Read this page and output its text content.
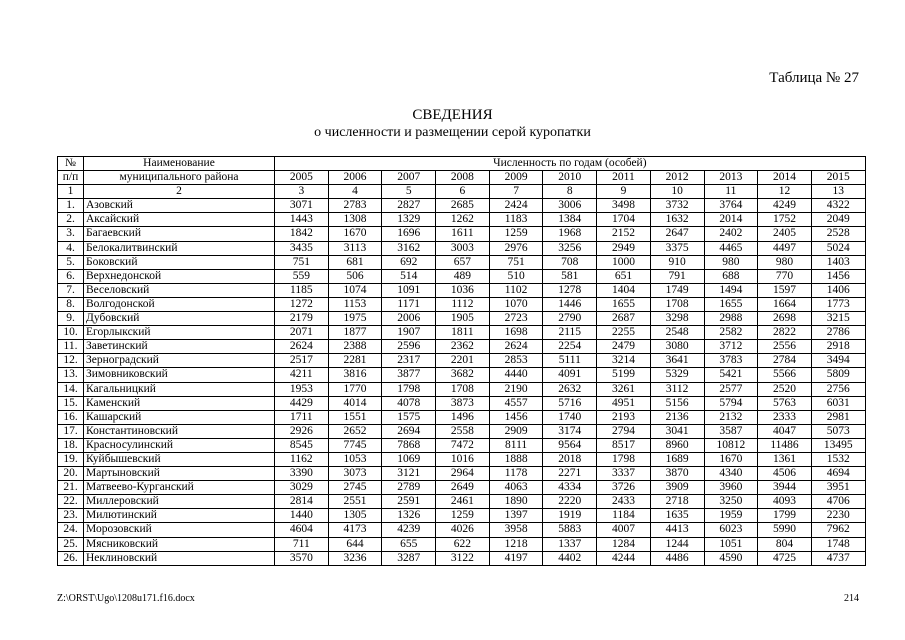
Таблица № 27
СВЕДЕНИЯ
о численности и размещении серой куропатки
№	Наименование	Численность по годам (особей)										
п/п	муниципального района	2005	2006	2007	2008	2009	2010	2011	2012	2013	2014	2015
1	2	3	4	5	6	7	8	9	10	11	12	13
1.	Азовский	3071	2783	2827	2685	2424	3006	3498	3732	3764	4249	4322
2.	Аксайский	1443	1308	1329	1262	1183	1384	1704	1632	2014	1752	2049
3.	Багаевский	1842	1670	1696	1611	1259	1968	2152	2647	2402	2405	2528
4.	Белокалитвинский	3435	3113	3162	3003	2976	3256	2949	3375	4465	4497	5024
5.	Боковский	751	681	692	657	751	708	1000	910	980	980	1403
6.	Верхнедонской	559	506	514	489	510	581	651	791	688	770	1456
7.	Веселовский	1185	1074	1091	1036	1102	1278	1404	1749	1494	1597	1406
8.	Волгодонской	1272	1153	1171	1112	1070	1446	1655	1708	1655	1664	1773
9.	Дубовский	2179	1975	2006	1905	2723	2790	2687	3298	2988	2698	3215
10.	Егорлыкский	2071	1877	1907	1811	1698	2115	2255	2548	2582	2822	2786
11.	Заветинский	2624	2388	2596	2362	2624	2254	2479	3080	3712	2556	2918
12.	Зерноградский	2517	2281	2317	2201	2853	5111	3214	3641	3783	2784	3494
13.	Зимовниковский	4211	3816	3877	3682	4440	4091	5199	5329	5421	5566	5809
14.	Кагальницкий	1953	1770	1798	1708	2190	2632	3261	3112	2577	2520	2756
15.	Каменский	4429	4014	4078	3873	4557	5716	4951	5156	5794	5763	6031
16.	Кашарский	1711	1551	1575	1496	1456	1740	2193	2136	2132	2333	2981
17.	Константиновский	2926	2652	2694	2558	2909	3174	2794	3041	3587	4047	5073
18.	Красносулинский	8545	7745	7868	7472	8111	9564	8517	8960	10812	11486	13495
19.	Куйбышевский	1162	1053	1069	1016	1888	2018	1798	1689	1670	1361	1532
20.	Мартыновский	3390	3073	3121	2964	1178	2271	3337	3870	4340	4506	4694
21.	Матвеево-Курганский	3029	2745	2789	2649	4063	4334	3726	3909	3960	3944	3951
22.	Миллеровский	2814	2551	2591	2461	1890	2220	2433	2718	3250	4093	4706
23.	Милютинский	1440	1305	1326	1259	1397	1919	1184	1635	1959	1799	2230
24.	Морозовский	4604	4173	4239	4026	3958	5883	4007	4413	6023	5990	7962
25.	Мясниковский	711	644	655	622	1218	1337	1284	1244	1051	804	1748
26.	Неклиновский	3570	3236	3287	3122	4197	4402	4244	4486	4590	4725	4737
Z:\ORST\Ugo\1208u171.f16.docx	214
